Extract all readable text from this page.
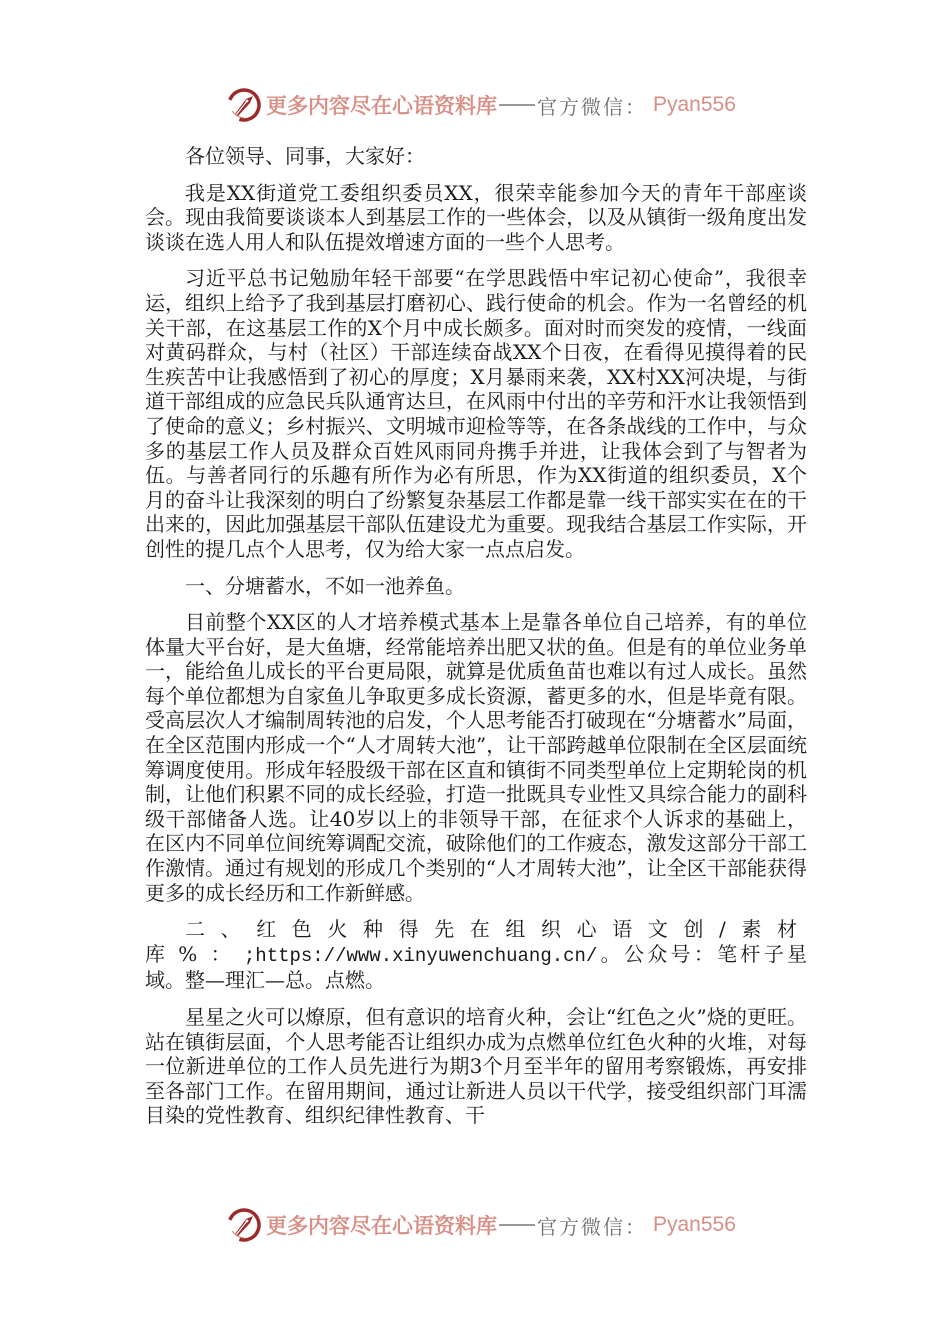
更多内容尽在心语资料库 官方微信： Pyan556

各位领导、同事，大家好：

我是XX街道党工委组织委员XX，很荣幸能参加今天的青年干部座谈会。现由我简要谈谈本人到基层工作的一些体会，以及从镇街一级角度出发谈谈在选人用人和队伍提效增速方面的一些个人思考。

习近平总书记勉励年轻干部要“在学思践悟中牢记初心使命”，我很幸运，组织上给予了我到基层打磨初心、践行使命的机会。作为一名曾经的机关干部，在这基层工作的X个月中成长颇多。面对时而突发的疫情，一线面对黄码群众，与村（社区）干部连续奋战XX个日夜，在看得见摸得着的民生疾苦中让我感悟到了初心的厚度；X月暴雨来袭，XX村XX河决堤，与街道干部组成的应急民兵队通宵达旦，在风雨中付出的辛劳和汗水让我领悟到了使命的意义；乡村振兴、文明城市迎检等等，在各条战线的工作中，与众多的基层工作人员及群众百姓风雨同舟携手并进，让我体会到了与智者为伍。与善者同行的乐趣有所作为必有所思，作为XX街道的组织委员，X个月的奋斗让我深刻的明白了纷繁复杂基层工作都是靠一线干部实实在在的干出来的，因此加强基层干部队伍建设尤为重要。现我结合基层工作实际，开创性的提几点个人思考，仅为给大家一点点启发。

一、分塘蓄水，不如一池养鱼。

目前整个XX区的人才培养模式基本上是靠各单位自己培养，有的单位体量大平台好，是大鱼塘，经常能培养出肥又状的鱼。但是有的单位业务单一，能给鱼儿成长的平台更局限，就算是优质鱼苗也难以有过人成长。虽然每个单位都想为自家鱼儿争取更多成长资源，蓄更多的水，但是毕竟有限。受高层次人才编制周转池的启发，个人思考能否打破现在“分塘蓄水”局面，在全区范围内形成一个“人才周转大池”，让干部跨越单位限制在全区层面统筹调度使用。形成年轻股级干部在区直和镇街不同类型单位上定期轮岗的机制，让他们积累不同的成长经验，打造一批既具专业性又具综合能力的副科级干部储备人选。让40岁以上的非领导干部，在征求个人诉求的基础上，在区内不同单位间统筹调配交流，破除他们的工作疲态，激发这部分干部工作激情。通过有规划的形成几个类别的“人才周转大池”，让全区干部能获得更多的成长经历和工作新鲜感。

二、红色火种得先在组织心语文创/素材库%：;https://www.xinyuwenchuang.cn/。公众号：笔杆子星域。整—理汇—总。点燃。

星星之火可以燎原，但有意识的培育火种，会让“红色之火”烧的更旺。站在镇街层面，个人思考能否让组织办成为点燃单位红色火种的火堆，对每一位新进单位的工作人员先进行为期3个月至半年的留用考察锻炼，再安排至各部门工作。在留用期间，通过让新进人员以干代学，接受组织部门耳濡目染的党性教育、组织纪律性教育、干

更多内容尽在心语资料库 官方微信： Pyan556
